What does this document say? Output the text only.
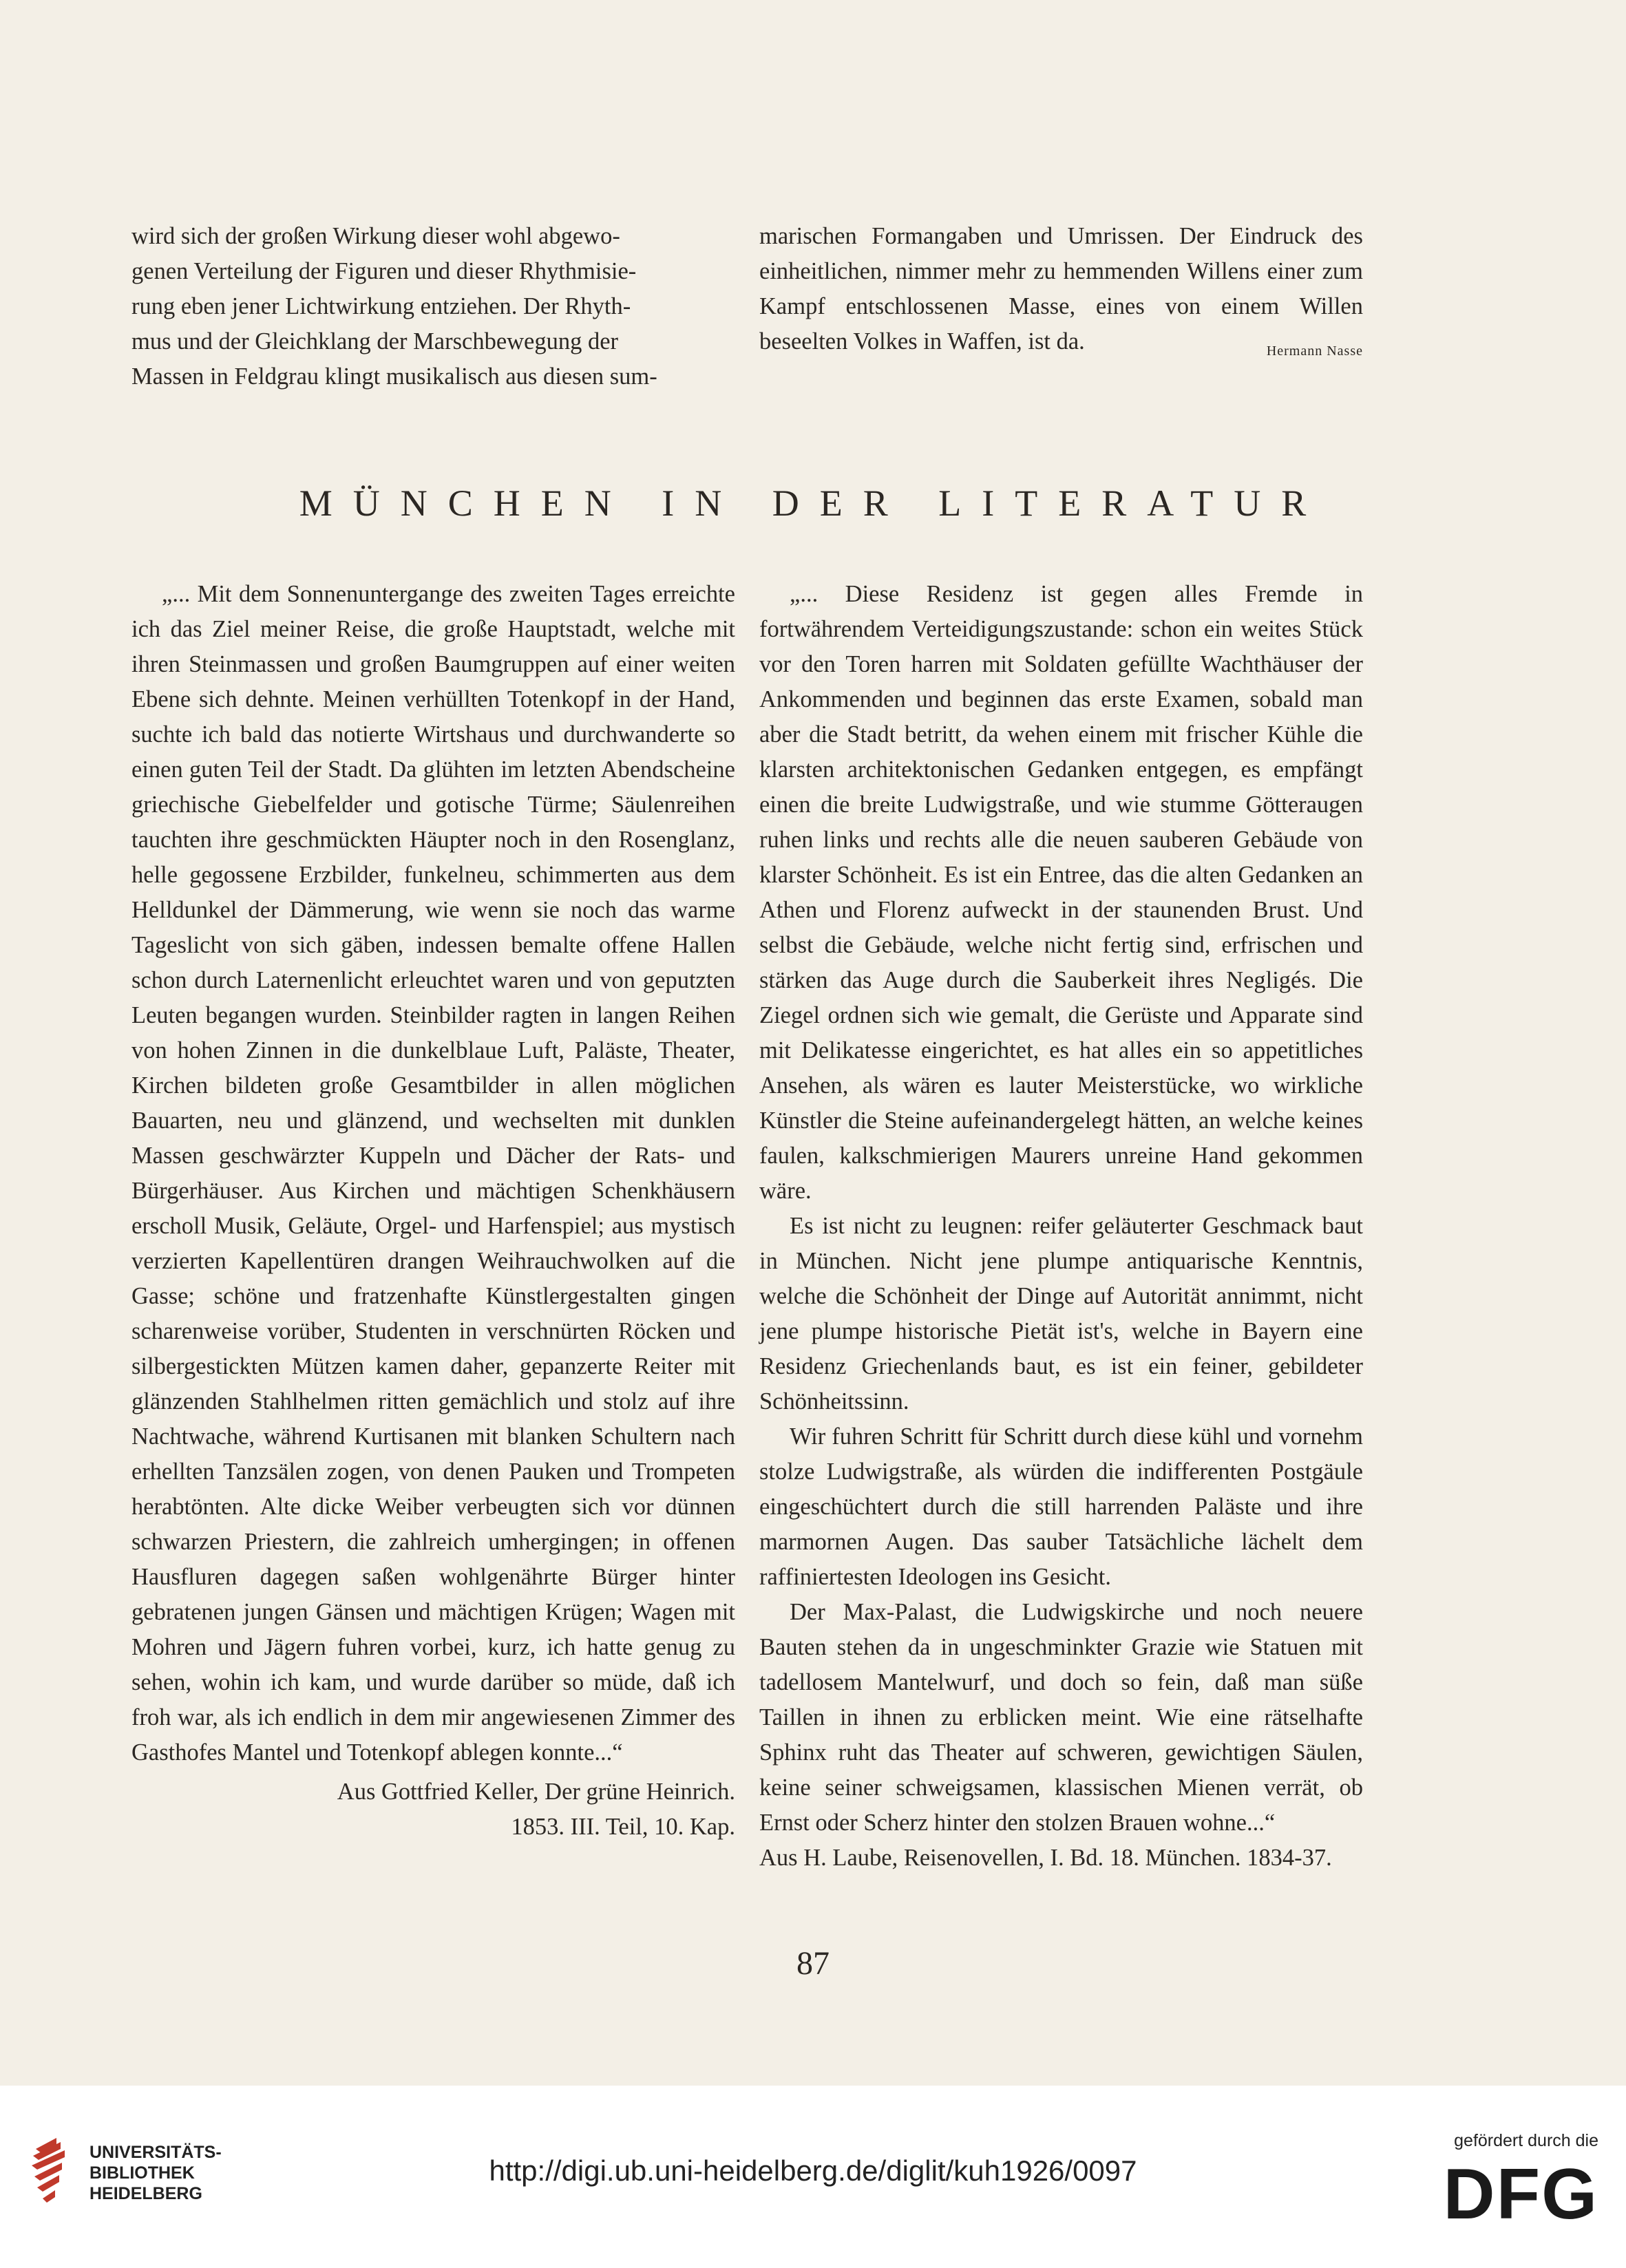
wird sich der großen Wirkung dieser wohl abgewo-
genen Verteilung der Figuren und dieser Rhythmisie-
rung eben jener Lichtwirkung entziehen. Der Rhyth-
mus und der Gleichklang der Marschbewegung der
Massen in Feldgrau klingt musikalisch aus diesen sum-

marischen Formangaben und Umrissen. Der Eindruck des einheitlichen, nimmer mehr zu hemmenden Willens einer zum Kampf entschlossenen Masse, eines von einem Willen beseelten Volkes in Waffen, ist da.	Hermann Nasse

MÜNCHEN IN DER LITERATUR

„... Mit dem Sonnenuntergange des zweiten Tages erreichte ich das Ziel meiner Reise, die große Hauptstadt, welche mit ihren Steinmassen und großen Baumgruppen auf einer weiten Ebene sich dehnte. Meinen verhüllten Totenkopf in der Hand, suchte ich bald das notierte Wirtshaus und durchwanderte so einen guten Teil der Stadt. Da glühten im letzten Abendscheine griechische Giebelfelder und gotische Türme; Säulenreihen tauchten ihre geschmückten Häupter noch in den Rosenglanz, helle gegossene Erzbilder, funkelneu, schimmerten aus dem Helldunkel der Dämmerung, wie wenn sie noch das warme Tageslicht von sich gäben, indessen bemalte offene Hallen schon durch Laternenlicht erleuchtet waren und von geputzten Leuten begangen wurden. Steinbilder ragten in langen Reihen von hohen Zinnen in die dunkelblaue Luft, Paläste, Theater, Kirchen bildeten große Gesamtbilder in allen möglichen Bauarten, neu und glänzend, und wechselten mit dunklen Massen geschwärzter Kuppeln und Dächer der Rats- und Bürgerhäuser. Aus Kirchen und mächtigen Schenkhäusern erscholl Musik, Geläute, Orgel- und Harfenspiel; aus mystisch verzierten Kapellentüren drangen Weihrauchwolken auf die Gasse; schöne und fratzenhafte Künstlergestalten gingen scharenweise vorüber, Studenten in verschnürten Röcken und silbergestickten Mützen kamen daher, gepanzerte Reiter mit glänzenden Stahlhelmen ritten gemächlich und stolz auf ihre Nachtwache, während Kurtisanen mit blanken Schultern nach erhellten Tanzsälen zogen, von denen Pauken und Trompeten herabtönten. Alte dicke Weiber verbeugten sich vor dünnen schwarzen Priestern, die zahlreich umhergingen; in offenen Hausfluren dagegen saßen wohlgenährte Bürger hinter gebratenen jungen Gänsen und mächtigen Krügen; Wagen mit Mohren und Jägern fuhren vorbei, kurz, ich hatte genug zu sehen, wohin ich kam, und wurde darüber so müde, daß ich froh war, als ich endlich in dem mir angewiesenen Zimmer des Gasthofes Mantel und Totenkopf ablegen konnte...“

Aus Gottfried Keller, Der grüne Heinrich.
1853. III. Teil, 10. Kap.

„... Diese Residenz ist gegen alles Fremde in fortwährendem Verteidigungszustande: schon ein weites Stück vor den Toren harren mit Soldaten gefüllte Wachthäuser der Ankommenden und beginnen das erste Examen, sobald man aber die Stadt betritt, da wehen einem mit frischer Kühle die klarsten architektonischen Gedanken entgegen, es empfängt einen die breite Ludwigstraße, und wie stumme Götteraugen ruhen links und rechts alle die neuen sauberen Gebäude von klarster Schönheit. Es ist ein Entree, das die alten Gedanken an Athen und Florenz aufweckt in der staunenden Brust. Und selbst die Gebäude, welche nicht fertig sind, erfrischen und stärken das Auge durch die Sauberkeit ihres Negligés. Die Ziegel ordnen sich wie gemalt, die Gerüste und Apparate sind mit Delikatesse eingerichtet, es hat alles ein so appetitliches Ansehen, als wären es lauter Meisterstücke, wo wirkliche Künstler die Steine aufeinandergelegt hätten, an welche keines faulen, kalkschmierigen Maurers unreine Hand gekommen wäre.

Es ist nicht zu leugnen: reifer geläuterter Geschmack baut in München. Nicht jene plumpe antiquarische Kenntnis, welche die Schönheit der Dinge auf Autorität annimmt, nicht jene plumpe historische Pietät ist's, welche in Bayern eine Residenz Griechenlands baut, es ist ein feiner, gebildeter Schönheitssinn.

Wir fuhren Schritt für Schritt durch diese kühl und vornehm stolze Ludwigstraße, als würden die indifferenten Postgäule eingeschüchtert durch die still harrenden Paläste und ihre marmornen Augen. Das sauber Tatsächliche lächelt dem raffiniertesten Ideologen ins Gesicht.

Der Max-Palast, die Ludwigskirche und noch neuere Bauten stehen da in ungeschminkter Grazie wie Statuen mit tadellosem Mantelwurf, und doch so fein, daß man süße Taillen in ihnen zu erblicken meint. Wie eine rätselhafte Sphinx ruht das Theater auf schweren, gewichtigen Säulen, keine seiner schweigsamen, klassischen Mienen verrät, ob Ernst oder Scherz hinter den stolzen Brauen wohne...“

Aus H. Laube, Reisenovellen, I. Bd. 18. München. 1834-37.

87

UNIVERSITÄTS-
BIBLIOTHEK
HEIDELBERG

http://digi.ub.uni-heidelberg.de/diglit/kuh1926/0097

gefördert durch die

DFG
